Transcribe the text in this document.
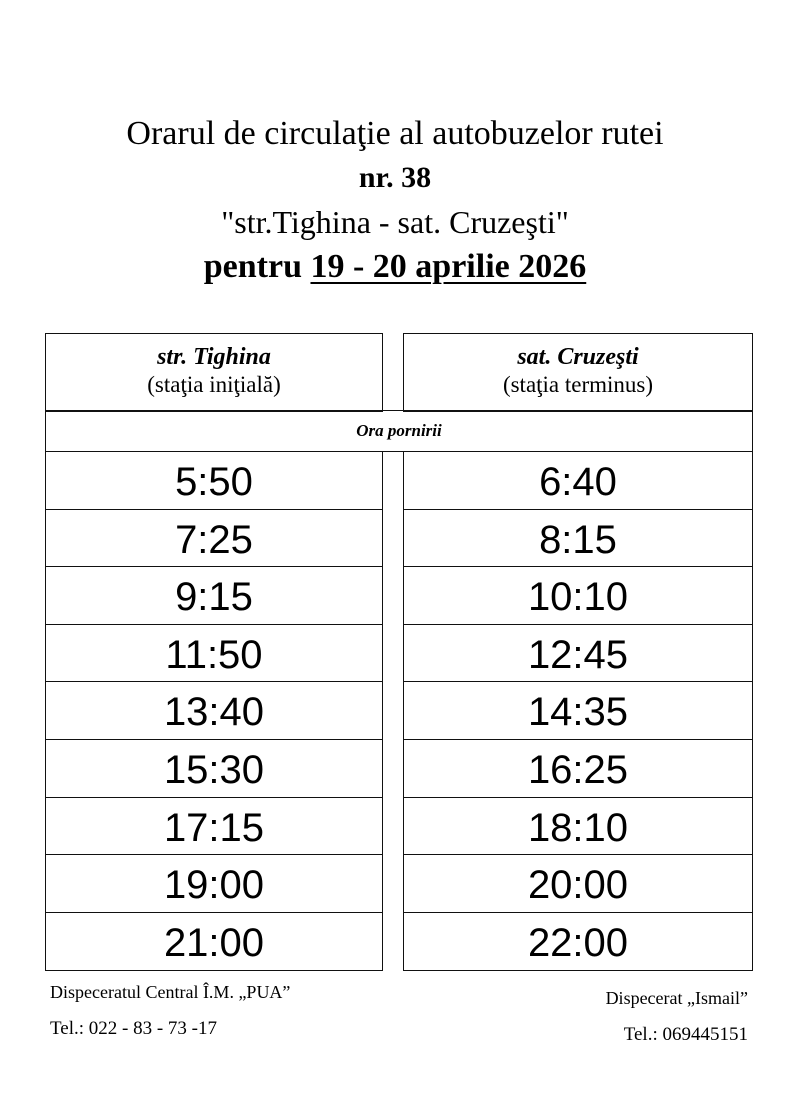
Orarul de circulaţie al autobuzelor rutei
nr. 38
"str.Tighina - sat. Cruzeşti"
pentru 19 - 20 aprilie 2026
str. Tighina
(staţia iniţială)
sat. Cruzeşti
(staţia terminus)
Ora pornirii
5:50
7:25
9:15
11:50
13:40
15:30
17:15
19:00
21:00
6:40
8:15
10:10
12:45
14:35
16:25
18:10
20:00
22:00
Dispeceratul Central Î.M. „PUA”
Tel.: 022 - 83 - 73 -17
Dispecerat „Ismail”
Tel.: 069445151
